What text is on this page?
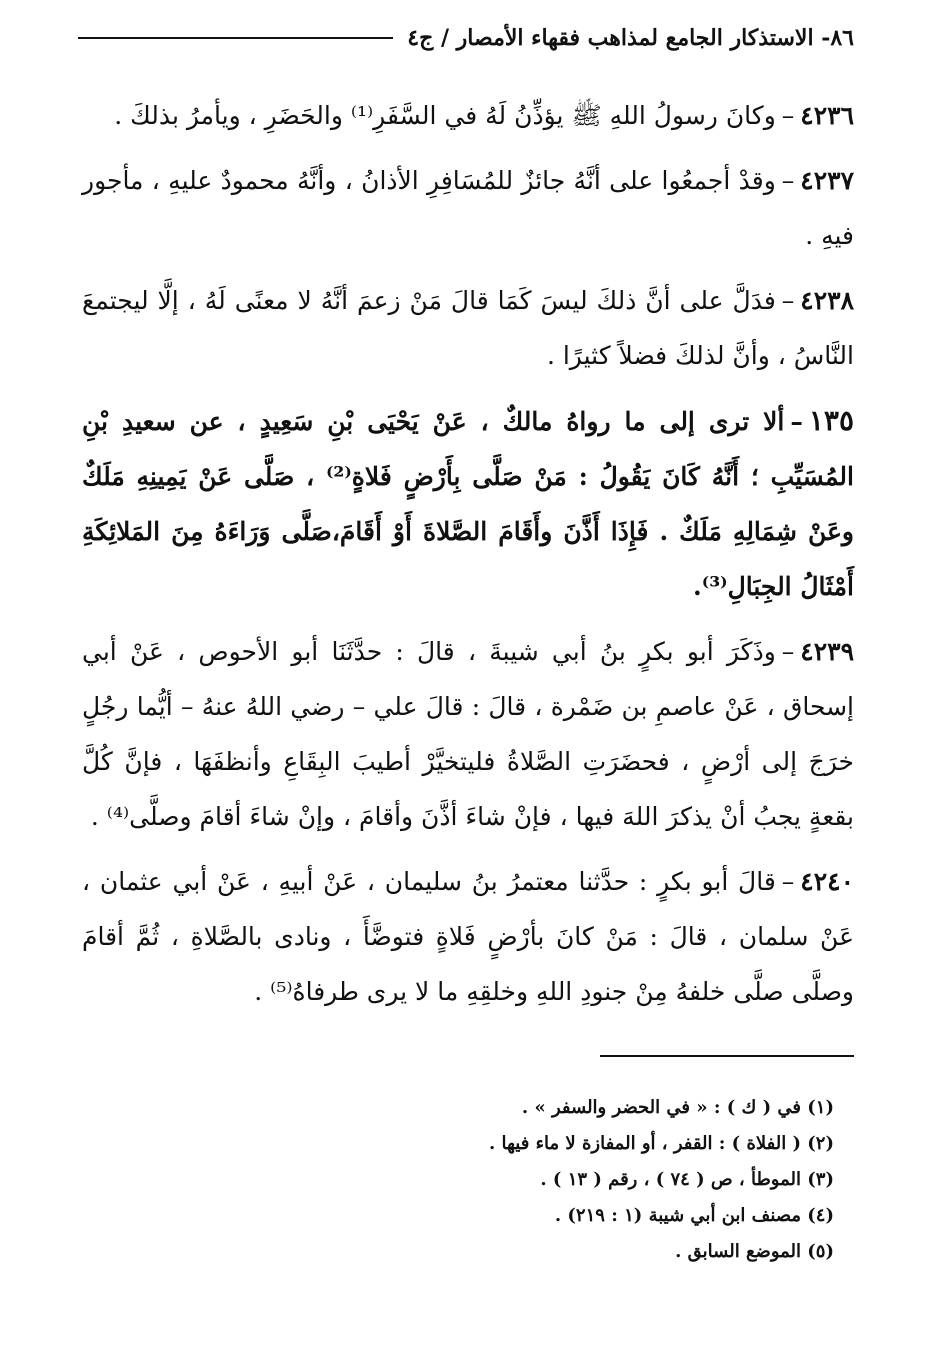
٨٦- الاستذكار الجامع لمذاهب فقهاء الأمصار / ج٤

٤٢٣٦–وكانَ رسولُ اللهِ ﷺ يؤذِّنُ لَهُ في السَّفَرِ⁽¹⁾ والحَضَرِ ، ويأمرُ بذلكَ .

٤٢٣٧–وقدْ أجمعُوا على أنَّهُ جائزٌ للمُسَافِرِ الأذانُ ، وأنَّهُ محمودٌ عليهِ ، مأجور فيهِ .

٤٢٣٨–فدَلَّ على أنَّ ذلكَ ليسَ كَمَا قالَ مَنْ زعمَ أنَّهُ لا معنًى لَهُ ، إلَّا ليجتمعَ النَّاسُ ، وأنَّ لذلكَ فضلاً كثيرًا .

١٣٥–ألا ترى إلى ما رواهُ مالكٌ ، عَنْ يَحْيَى بْنِ سَعِيدٍ ، عن سعيدِ بْنِ المُسَيِّبِ ؛ أَنَّهُ كَانَ يَقُولُ : مَنْ صَلَّى بِأَرْضٍ فَلاةٍ⁽²⁾ ، صَلَّى عَنْ يَمِينِهِ مَلَكٌ وعَنْ شِمَالِهِ مَلَكٌ . فَإِذَا أَذَّنَ وأَقَامَ الصَّلاةَ أَوْ أَقَامَ،صَلَّى وَرَاءَهُ مِنَ المَلائِكَةِ أَمْثَالُ الجِبَالِ⁽³⁾.

٤٢٣٩–وذَكَرَ أبو بكرٍ بنُ أبي شيبةَ ، قالَ : حدَّثَنَا أبو الأحوص ، عَنْ أبي إسحاق ، عَنْ عاصمِ بن ضَمْرة ، قالَ : قالَ علي – رضي اللهُ عنهُ – أيُّما رجُلٍ خرَجَ إلى أرْضٍ ، فحضَرَتِ الصَّلاةُ فليتخيَّرْ أطيبَ البِقَاعِ وأنظفَهَا ، فإنَّ كُلَّ بقعةٍ يجبُ أنْ يذكرَ اللهَ فيها ، فإنْ شاءَ أذَّنَ وأقامَ ، وإنْ شاءَ أقامَ وصلَّى⁽⁴⁾ .

٤٢٤٠–قالَ أبو بكرٍ : حدَّثنا معتمرُ بنُ سليمان ، عَنْ أبيهِ ، عَنْ أبي عثمان ، عَنْ سلمان ، قالَ : مَنْ كانَ بأرْضٍ فَلاةٍ فتوضَّأَ ، ونادى بالصَّلاةِ ، ثُمَّ أقامَ وصلَّى صلَّى خلفهُ مِنْ جنودِ اللهِ وخلقِهِ ما لا يرى طرفاهُ⁽⁵⁾ .

(١) في ( ك ) : « في الحضر والسفر » .
(٢) ( الفلاة ) : القفر ، أو المفازة لا ماء فيها .
(٣) الموطأ ، ص ( ٧٤ ) ، رقم ( ١٣ ) .
(٤) مصنف ابن أبي شيبة (١ : ٢١٩) .
(٥) الموضع السابق .
